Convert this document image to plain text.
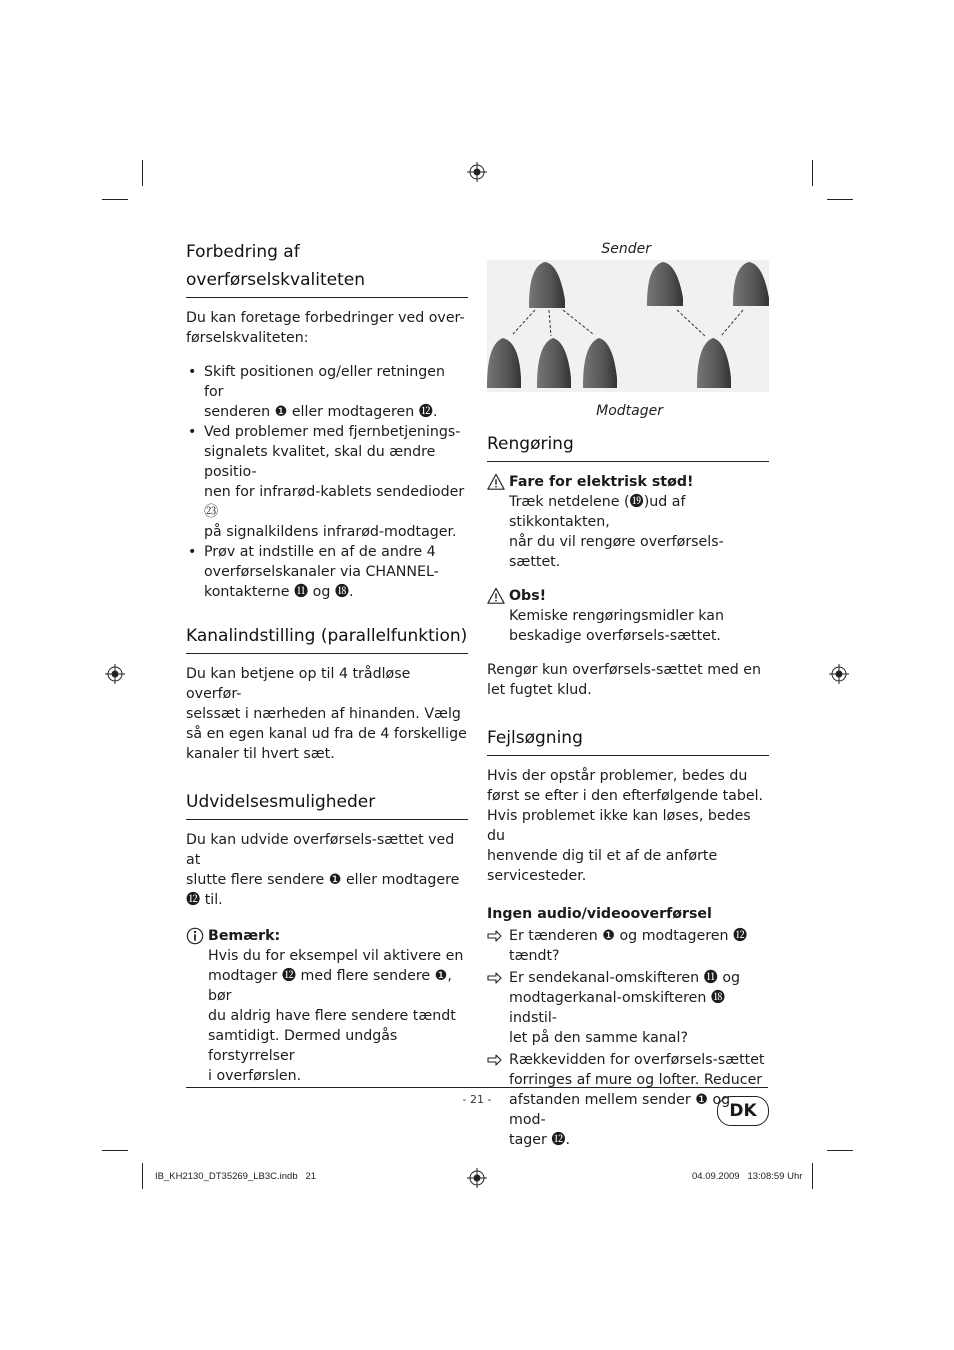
Forbedring af
overførselskvaliteten

Du kan foretage forbedringer ved over-
førselskvaliteten:

• Skift positionen og/eller retningen for
senderen ❶ eller modtageren ⓬.
• Ved problemer med fjernbetjenings-
signalets kvalitet, skal du ændre positio-
nen for infrarød-kablets sendedioder ㉓
på signalkildens infrarød-modtager.
• Prøv at indstille en af de andre 4
overførselskanaler via CHANNEL-
kontakterne ⓫ og ⓲.
Kanalindstilling (parallelfunktion)

Du kan betjene op til 4 trådløse overfør-
selssæt i nærheden af hinanden. Vælg
så en egen kanal ud fra de 4 forskellige
kanaler til hvert sæt.

Udvidelsesmuligheder

Du kan udvide overførsels-sættet ved at
slutte flere sendere ❶ eller modtagere ⓬ til.

Bemærk:

Hvis du for eksempel vil aktivere en
modtager ⓬ med flere sendere ❶, bør
du aldrig have flere sendere tændt
samtidigt. Dermed undgås forstyrrelser
i overførslen.

Sender
Modtager
Rengøring
Fare for elektrisk stød!

Træk netdelene (⓳)ud af stikkontakten,
når du vil rengøre overførsels-sættet.

Obs!

Kemiske rengøringsmidler kan
beskadige overførsels-sættet.

Rengør kun overførsels-sættet med en
let fugtet klud.

Fejlsøgning

Hvis der opstår problemer, bedes du
først se efter i den efterfølgende tabel.
Hvis problemet ikke kan løses, bedes du
henvende dig til et af de anførte
servicesteder.

Ingen audio/videooverførsel
Er tænderen ❶ og modtageren ⓬
tændt?
Er sendekanal-omskifteren ⓫ og
modtagerkanal-omskifteren ⓲ indstil-
let på den samme kanal?
Rækkevidden for overførsels-sættet
forringes af mure og lofter. Reducer
afstanden mellem sender ❶ og mod-
tager ⓬.
- 21 -
DK
IB_KH2130_DT35269_LB3C.indb   21	04.09.2009   13:08:59 Uhr
